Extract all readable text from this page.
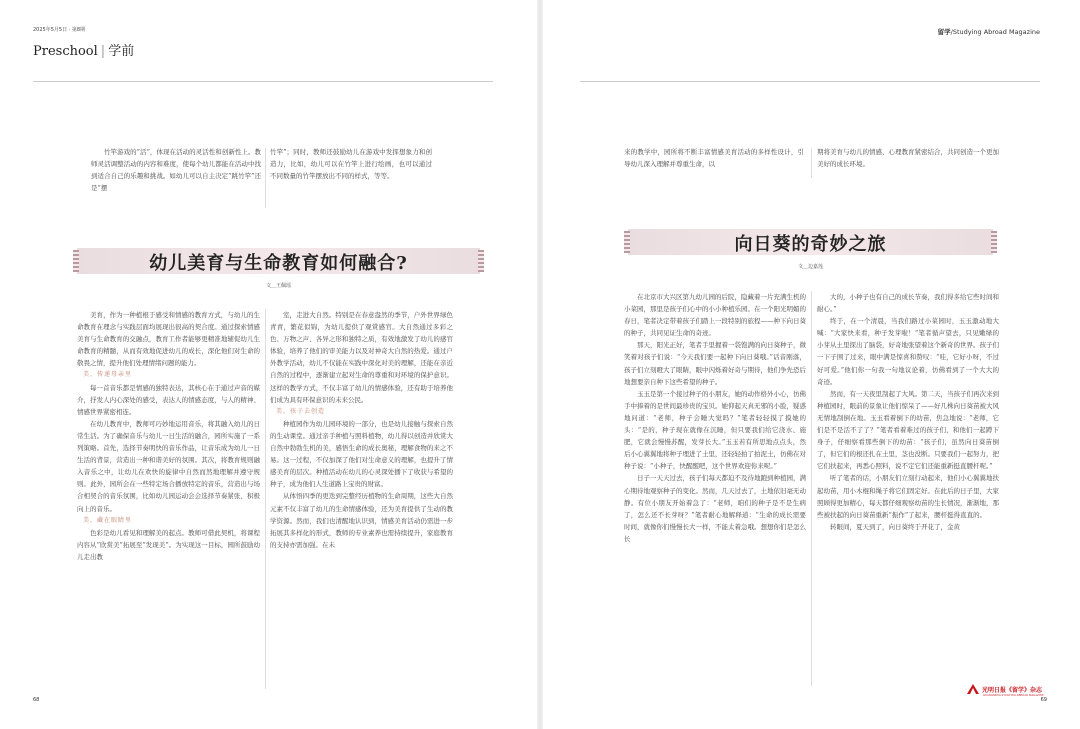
2025年5月5日 · 第8期
Preschool | 学前

竹竿游戏的“活”，体现在活动的灵活性和创新性上。教师灵活调整活动的内容和难度，使每个幼儿都能在活动中找到适合自己的乐趣和挑战。如幼儿可以自主决定“跳竹竿”还是“摆

竹竿”；同时，教师还鼓励幼儿在游戏中发挥想象力和创造力，比如，幼儿可以在竹竿上进行绘画，也可以通过不同数量的竹竿摆放出不同的样式，等等。

幼儿美育与生命教育如何融合?
文＿王佩瑶

美育，作为一种植根于感受和情感的教育方式，与幼儿的生命教育在理念与实践层面均展现出很高的契合度。通过探索情感美育与生命教育的交融点，教育工作者能够更精准地辅促幼儿生命教育的精髓，从而有效地促进幼儿的成长，深化他们对生命的敬畏之情，提升他们处理情绪问题的能力。

美，传递母亲里

每一首音乐都是情感的独特表达，其核心在于通过声音的媒介，抒发人内心深处的感受，表达人的情感态度，与人的精神、情感世界紧密相连。

在幼儿教育中，教师可巧妙地运用音乐，将其融入幼儿的日常生活。为了确保音乐与幼儿一日生活的融合，园所实施了一系列策略。首先，选择节奏明快的音乐作品，让音乐成为幼儿一日生活的背景，营造出一种和谐美好的氛围。其次，将教育规则融入音乐之中，让幼儿在欢快的旋律中自然而然地理解并遵守规则。此外，园所会在一些特定场合播放特定的音乐，营造出与场合相契合的音乐氛围，比如幼儿园运动会会选择节奏紧张、积极向上的音乐。

美，藏在眼睛里

色彩是幼儿看见和理解美的起点。教师可借此契机，将课程内容从“欣赏美”拓展至“发现美”。为实现这一目标，园所鼓励幼儿走出教

室，走进大自然。特别是在春意盎然的季节，户外世界绿色青青，繁花似锦，为幼儿提供了观赏感官。大自然通过多彩之色、万物之声、各异之形和独特之质，有效地激发了幼儿的感官体验，培养了他们的审美能力以及对神奇大自然的热爱。通过户外教学活动，幼儿不仅能在实践中深化对美的理解，还能在亲近自然的过程中，逐渐建立起对生命的尊重和对环境的保护意识。这样的教学方式，不仅丰富了幼儿的情感体验，还有助于培养他们成为具有环保意识的未来公民。

美，孩子去创造

种植园作为幼儿园环境的一部分，也是幼儿接触与探索自然的生动课堂。通过亲手种植与照料植物，幼儿得以创造并欣赏大自然中勃勃生机的美，感悟生命的成长奥秘，理解食物的来之不易。这一过程，不仅加深了他们对生命意义的理解，也提升了情感美育的层次。种植活动在幼儿的心灵深处播下了收获与希望的种子，成为他们人生道路上宝贵的财富。

从体悟四季的更迭到完整经历植物的生命周期，这些大自然元素不仅丰富了幼儿的生命情感体验，还为美育提供了生动的教学资源。然而，我们也清醒地认识到，情感美育活动仍需进一步拓展其多样化的形式，教师的专业素养也需持续提升，家庭教育的支持亦需加强。在未

68
留学/Studying Abroad Magazine

来的教学中，园所将不断丰富情感美育活动的多样性设计，引导幼儿深入理解并尊重生命，以

期将美育与幼儿的情感、心理教育紧密结合，共同创造一个更加美好的成长环境。

向日葵的奇妙之旅
文＿边嘉莲

在北京市大兴区第九幼儿园的后院，隐藏着一片充满生机的小菜园，那里是孩子们心中的小小种植乐园。在一个阳光明媚的春日，笔者决定带着孩子们踏上一段特别的旅程——种下向日葵的种子，共同见证生命的奇迹。

那天，阳光正好，笔者手里握着一袋饱满的向日葵种子，微笑着对孩子们说：“今天我们要一起种下向日葵哦。”话音刚落，孩子们立刻瞪大了眼睛，眼中闪烁着好奇与期待，他们争先恐后地想要亲自种下这些希望的种子。

玉玉是第一个接过种子的小朋友，她的动作格外小心，仿佛手中捧着的是世间最珍贵的宝贝。她仰起天真无邪的小脸，疑惑地问道：“老师，种子会睡大觉吗？”笔者轻轻摸了摸她的头：“是的，种子现在就像在沉睡，但只要我们给它浇水、施肥，它就会慢慢苏醒，发芽长大。”玉玉若有所思地点点头，然后小心翼翼地将种子埋进了土里，还轻轻拍了拍泥土，仿佛在对种子说：“小种子，快醒醒吧，这个世界欢迎你来呢。”

日子一天天过去，孩子们每天都迫不及待地跑到种植园，满心期待地观察种子的变化。然而，几天过去了，土地依旧毫无动静。有位小朋友开始着急了：“老师，咱们的种子是不是生病了，怎么还不长芽呀？”笔者耐心地解释道：“生命的成长需要时间，就像你们慢慢长大一样，不能太着急哦。想想你们是怎么长

大的，小种子也有自己的成长节奏，我们得多给它些时间和耐心。”

终于，在一个清晨，当我们路过小菜园时，玉玉激动地大喊：“大家快来看，种子发芽啦！”笔者循声望去，只见嫩绿的小芽从土里探出了脑袋，好奇地张望着这个新奇的世界。孩子们一下子围了过来，眼中满是惊喜和赞叹：“哇，它好小呀，不过好可爱。”他们你一句我一句地议论着，仿佛看到了一个大大的奇迹。

然而，有一天夜里刮起了大风。第二天，当孩子们再次来到种植园时，眼前的景象让他们惊呆了——好几株向日葵苗被大风无情地刮倒在地。玉玉看着倒下的幼苗，焦急地说：“老师，它们是不是活不了了？”笔者看着难过的孩子们，和他们一起蹲下身子，仔细察看那些倒下的幼苗：“孩子们，虽然向日葵苗倒了，但它们的根还扎在土里，茎也没断。只要我们一起努力，把它们扶起来，再悉心照料，说不定它们还能重新挺直腰杆呢。”

听了笔者的话，小朋友们立刻行动起来，他们小心翼翼地扶起幼苗，用小木棍和绳子将它们固定好。在此后的日子里，大家照顾得更加精心，每天都仔细观察幼苗的生长情况，渐渐地，那些被扶起的向日葵苗重新“振作”了起来，腰杆挺得直直的。

转眼间，夏天到了，向日葵终于开花了，金黄

光明日报《留学》杂志
GUANGMING STUDYING ABROAD MAGAZINE
69
